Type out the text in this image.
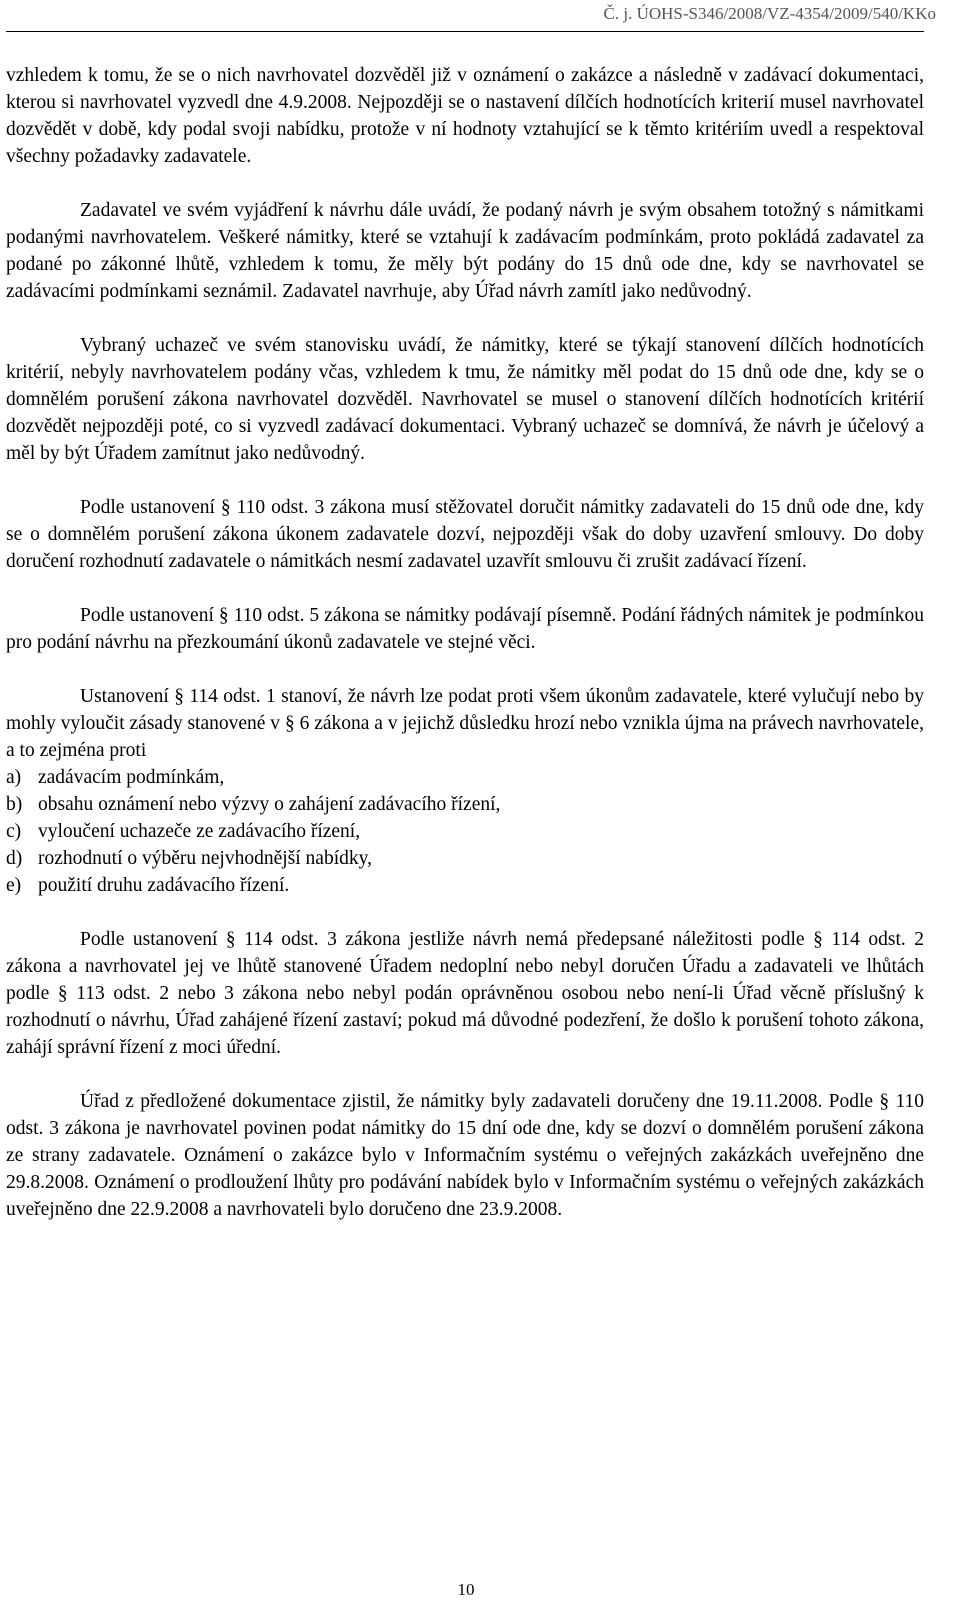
Č. j. ÚOHS-S346/2008/VZ-4354/2009/540/KKo

vzhledem k tomu, že se o nich navrhovatel dozvěděl již v oznámení o zakázce a následně v zadávací dokumentaci, kterou si navrhovatel vyzvedl dne 4.9.2008. Nejpozději se o nastavení dílčích hodnotících kriterií musel navrhovatel dozvědět v době, kdy podal svoji nabídku, protože v ní hodnoty vztahující se k těmto kritériím uvedl a respektoval všechny požadavky zadavatele.

Zadavatel ve svém vyjádření k návrhu dále uvádí, že podaný návrh je svým obsahem totožný s námitkami podanými navrhovatelem. Veškeré námitky, které se vztahují k zadávacím podmínkám, proto pokládá zadavatel za podané po zákonné lhůtě, vzhledem k tomu, že měly být podány do 15 dnů ode dne, kdy se navrhovatel se zadávacími podmínkami seznámil. Zadavatel navrhuje, aby Úřad návrh zamítl jako nedůvodný.

Vybraný uchazeč ve svém stanovisku uvádí, že námitky, které se týkají stanovení dílčích hodnotících kritérií, nebyly navrhovatelem podány včas, vzhledem k tmu, že námitky měl podat do 15 dnů ode dne, kdy se o domnělém porušení zákona navrhovatel dozvěděl. Navrhovatel se musel o stanovení dílčích hodnotících kritérií dozvědět nejpozději poté, co si vyzvedl zadávací dokumentaci. Vybraný uchazeč se domnívá, že návrh je účelový a měl by být Úřadem zamítnut jako nedůvodný.

Podle ustanovení § 110 odst. 3 zákona musí stěžovatel doručit námitky zadavateli do 15 dnů ode dne, kdy se o domnělém porušení zákona úkonem zadavatele dozví, nejpozději však do doby uzavření smlouvy. Do doby doručení rozhodnutí zadavatele o námitkách nesmí zadavatel uzavřít smlouvu či zrušit zadávací řízení.

Podle ustanovení § 110 odst. 5 zákona se námitky podávají písemně. Podání řádných námitek je podmínkou pro podání návrhu na přezkoumání úkonů zadavatele ve stejné věci.

Ustanovení § 114 odst. 1 stanoví, že návrh lze podat proti všem úkonům zadavatele, které vylučují nebo by mohly vyloučit zásady stanovené v § 6 zákona a v jejichž důsledku hrozí nebo vznikla újma na právech navrhovatele, a to zejména proti

a) zadávacím podmínkám,
b) obsahu oznámení nebo výzvy o zahájení zadávacího řízení,
c) vyloučení uchazeče ze zadávacího řízení,
d) rozhodnutí o výběru nejvhodnější nabídky,
e) použití druhu zadávacího řízení.

Podle ustanovení § 114 odst. 3 zákona jestliže návrh nemá předepsané náležitosti podle § 114 odst. 2 zákona a navrhovatel jej ve lhůtě stanovené Úřadem nedoplní nebo nebyl doručen Úřadu a zadavateli ve lhůtách podle § 113 odst. 2 nebo 3 zákona nebo nebyl podán oprávněnou osobou nebo není-li Úřad věcně příslušný k rozhodnutí o návrhu, Úřad zahájené řízení zastaví; pokud má důvodné podezření, že došlo k porušení tohoto zákona, zahájí správní řízení z moci úřední.

Úřad z předložené dokumentace zjistil, že námitky byly zadavateli doručeny dne 19.11.2008. Podle § 110 odst. 3 zákona je navrhovatel povinen podat námitky do 15 dní ode dne, kdy se dozví o domnělém porušení zákona ze strany zadavatele. Oznámení o zakázce bylo v Informačním systému o veřejných zakázkách uveřejněno dne 29.8.2008. Oznámení o prodloužení lhůty pro podávání nabídek bylo v Informačním systému o veřejných zakázkách uveřejněno dne 22.9.2008 a navrhovateli bylo doručeno dne 23.9.2008.

10
